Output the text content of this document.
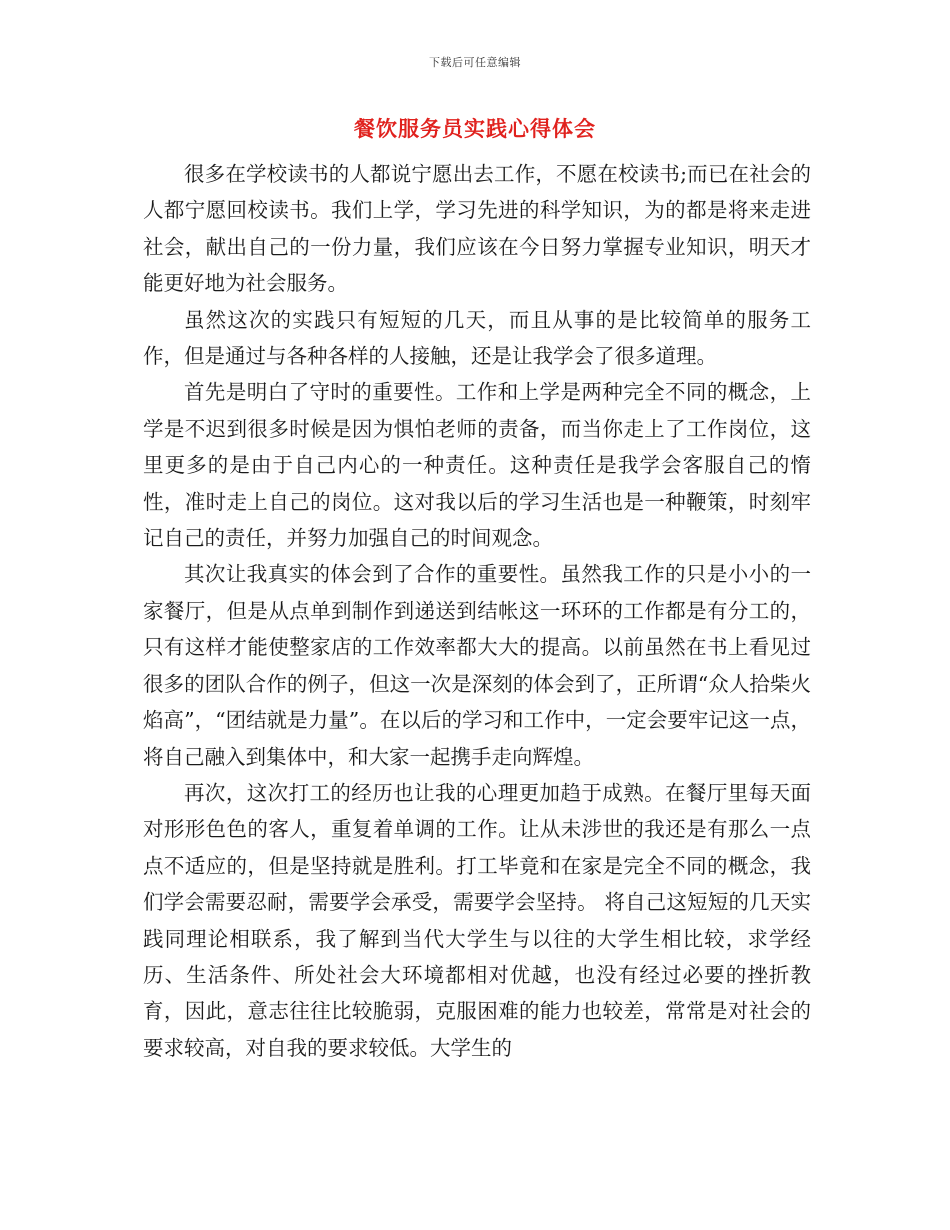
下载后可任意编辑
餐饮服务员实践心得体会

很多在学校读书的人都说宁愿出去工作，不愿在校读书;而已在社会的人都宁愿回校读书。我们上学，学习先进的科学知识，为的都是将来走进社会，献出自己的一份力量，我们应该在今日努力掌握专业知识，明天才能更好地为社会服务。

虽然这次的实践只有短短的几天，而且从事的是比较简单的服务工作，但是通过与各种各样的人接触，还是让我学会了很多道理。

首先是明白了守时的重要性。工作和上学是两种完全不同的概念，上学是不迟到很多时候是因为惧怕老师的责备，而当你走上了工作岗位，这里更多的是由于自己内心的一种责任。这种责任是我学会客服自己的惰性，准时走上自己的岗位。这对我以后的学习生活也是一种鞭策，时刻牢记自己的责任，并努力加强自己的时间观念。

其次让我真实的体会到了合作的重要性。虽然我工作的只是小小的一家餐厅，但是从点单到制作到递送到结帐这一环环的工作都是有分工的，只有这样才能使整家店的工作效率都大大的提高。以前虽然在书上看见过很多的团队合作的例子，但这一次是深刻的体会到了，正所谓“众人拾柴火焰高”，“团结就是力量”。在以后的学习和工作中，一定会要牢记这一点，将自己融入到集体中，和大家一起携手走向辉煌。

再次，这次打工的经历也让我的心理更加趋于成熟。在餐厅里每天面对形形色色的客人，重复着单调的工作。让从未涉世的我还是有那么一点点不适应的，但是坚持就是胜利。打工毕竟和在家是完全不同的概念，我们学会需要忍耐，需要学会承受，需要学会坚持。 将自己这短短的几天实践同理论相联系，我了解到当代大学生与以往的大学生相比较，求学经历、生活条件、所处社会大环境都相对优越，也没有经过必要的挫折教育，因此，意志往往比较脆弱，克服困难的能力也较差，常常是对社会的要求较高，对自我的要求较低。大学生的
